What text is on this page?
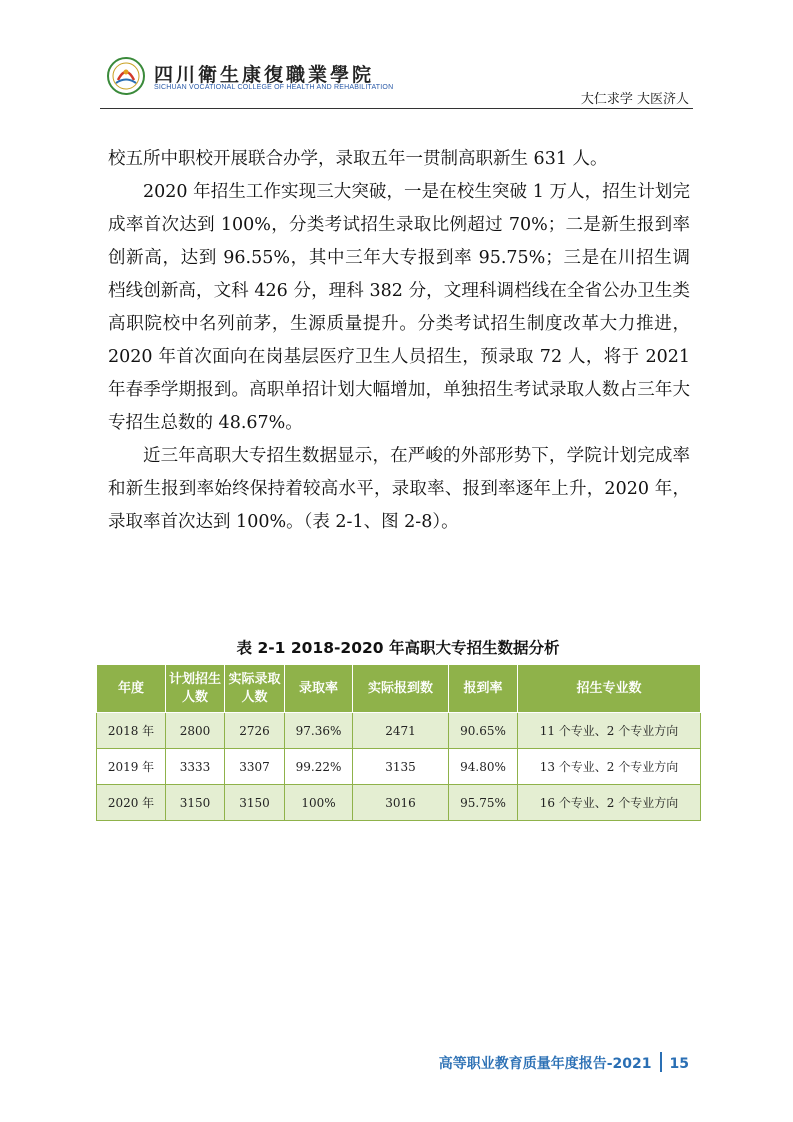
四川衛生康復職業學院
SICHUAN VOCATIONAL COLLEGE OF HEALTH AND REHABILITATION
大仁求学 大医济人

校五所中职校开展联合办学，录取五年一贯制高职新生 631 人。

2020 年招生工作实现三大突破，一是在校生突破 1 万人，招生计划完成率首次达到 100%，分类考试招生录取比例超过 70%；二是新生报到率创新高，达到 96.55%，其中三年大专报到率 95.75%；三是在川招生调档线创新高，文科 426 分，理科 382 分，文理科调档线在全省公办卫生类高职院校中名列前茅，生源质量提升。分类考试招生制度改革大力推进，2020 年首次面向在岗基层医疗卫生人员招生，预录取 72 人，将于 2021 年春季学期报到。高职单招计划大幅增加，单独招生考试录取人数占三年大专招生总数的 48.67%。

近三年高职大专招生数据显示，在严峻的外部形势下，学院计划完成率和新生报到率始终保持着较高水平，录取率、报到率逐年上升，2020 年，录取率首次达到 100%。（表 2-1、图 2-8）。

表 2-1 2018-2020 年高职大专招生数据分析
年度	计划招生人数	实际录取人数	录取率	实际报到数	报到率	招生专业数
2018 年	2800	2726	97.36%	2471	90.65%	11 个专业、2 个专业方向
2019 年	3333	3307	99.22%	3135	94.80%	13 个专业、2 个专业方向
2020 年	3150	3150	100%	3016	95.75%	16 个专业、2 个专业方向
高等职业教育质量年度报告-2021 15
